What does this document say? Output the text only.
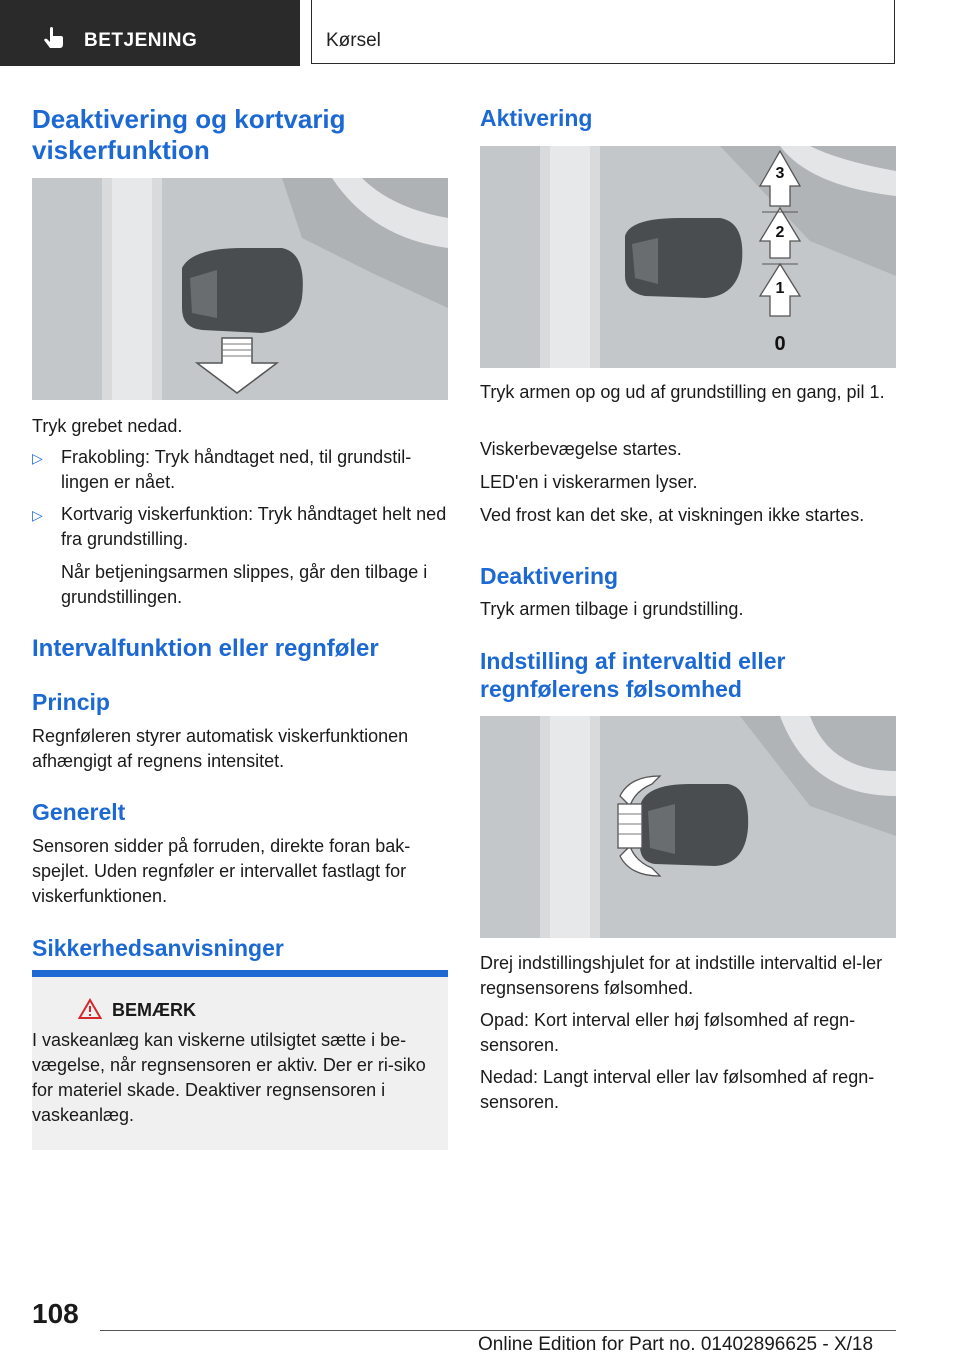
BETJENING	Kørsel
Deaktivering og kortvarig viskerfunktion
Tryk grebet nedad.
▷ Frakobling: Tryk håndtaget ned, til grundstil-lingen er nået.
▷ Kortvarig viskerfunktion: Tryk håndtaget helt ned fra grundstilling.
Når betjeningsarmen slippes, går den tilbage i grundstillingen.
Intervalfunktion eller regnføler
Princip
Regnføleren styrer automatisk viskerfunktionen afhængigt af regnens intensitet.
Generelt
Sensoren sidder på forruden, direkte foran bak-spejlet. Uden regnføler er intervallet fastlagt for viskerfunktionen.
Sikkerhedsanvisninger
BEMÆRK
I vaskeanlæg kan viskerne utilsigtet sætte i be-vægelse, når regnsensoren er aktiv. Der er ri-siko for materiel skade. Deaktiver regnsensoren i vaskeanlæg.
Aktivering
3
2
1
0
Tryk armen op og ud af grundstilling en gang, pil 1.
Viskerbevægelse startes.
LED'en i viskerarmen lyser.
Ved frost kan det ske, at viskningen ikke startes.
Deaktivering
Tryk armen tilbage i grundstilling.
Indstilling af intervaltid eller regnfølerens følsomhed
Drej indstillingshjulet for at indstille intervaltid el-ler regnsensorens følsomhed.
Opad: Kort interval eller høj følsomhed af regn-sensoren.
Nedad: Langt interval eller lav følsomhed af regn-sensoren.
108
Online Edition for Part no. 01402896625 - X/18
